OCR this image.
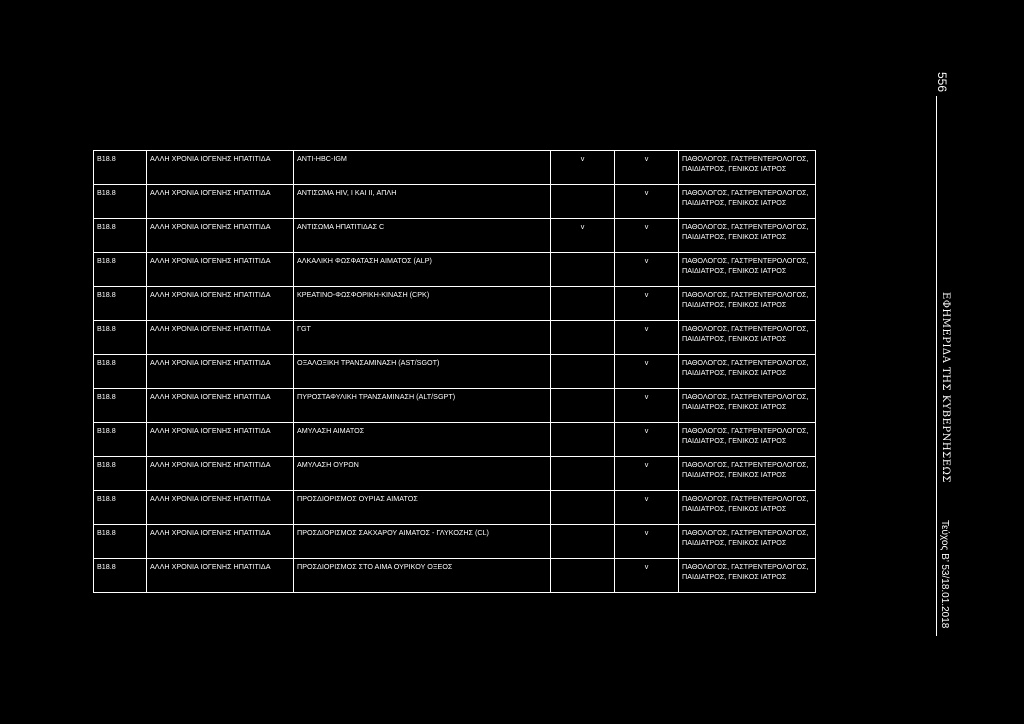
B18.8	ΑΛΛΗ ΧΡΟΝΙΑ ΙΟΓΕΝΗΣ ΗΠΑΤΙΤΙΔΑ	ANTI-HBC-IGM	v	v	ΠΑΘΟΛΟΓΟΣ, ΓΑΣΤΡΕΝΤΕΡΟΛΟΓΟΣ,
ΠΑΙΔΙΑΤΡΟΣ, ΓΕΝΙΚΟΣ ΙΑΤΡΟΣ

B18.8	ΑΛΛΗ ΧΡΟΝΙΑ ΙΟΓΕΝΗΣ ΗΠΑΤΙΤΙΔΑ	ΑΝΤΙΣΩΜΑ HIV, I ΚΑΙ II, ΑΠΛΗ		v	ΠΑΘΟΛΟΓΟΣ, ΓΑΣΤΡΕΝΤΕΡΟΛΟΓΟΣ,
ΠΑΙΔΙΑΤΡΟΣ, ΓΕΝΙΚΟΣ ΙΑΤΡΟΣ

B18.8	ΑΛΛΗ ΧΡΟΝΙΑ ΙΟΓΕΝΗΣ ΗΠΑΤΙΤΙΔΑ	ΑΝΤΙΣΩΜΑ ΗΠΑΤΙΤΙΔΑΣ C	v	v	ΠΑΘΟΛΟΓΟΣ, ΓΑΣΤΡΕΝΤΕΡΟΛΟΓΟΣ,
ΠΑΙΔΙΑΤΡΟΣ, ΓΕΝΙΚΟΣ ΙΑΤΡΟΣ

B18.8	ΑΛΛΗ ΧΡΟΝΙΑ ΙΟΓΕΝΗΣ ΗΠΑΤΙΤΙΔΑ	ΑΛΚΑΛΙΚΗ ΦΩΣΦΑΤΑΣΗ ΑΙΜΑΤΟΣ (ALP)		v	ΠΑΘΟΛΟΓΟΣ, ΓΑΣΤΡΕΝΤΕΡΟΛΟΓΟΣ,
ΠΑΙΔΙΑΤΡΟΣ, ΓΕΝΙΚΟΣ ΙΑΤΡΟΣ

B18.8	ΑΛΛΗ ΧΡΟΝΙΑ ΙΟΓΕΝΗΣ ΗΠΑΤΙΤΙΔΑ	ΚΡΕΑΤΙΝΟ-ΦΩΣΦΟΡΙΚΗ-ΚΙΝΑΣΗ (CPK)		v	ΠΑΘΟΛΟΓΟΣ, ΓΑΣΤΡΕΝΤΕΡΟΛΟΓΟΣ,
ΠΑΙΔΙΑΤΡΟΣ, ΓΕΝΙΚΟΣ ΙΑΤΡΟΣ

B18.8	ΑΛΛΗ ΧΡΟΝΙΑ ΙΟΓΕΝΗΣ ΗΠΑΤΙΤΙΔΑ	ΓGT		v	ΠΑΘΟΛΟΓΟΣ, ΓΑΣΤΡΕΝΤΕΡΟΛΟΓΟΣ,
ΠΑΙΔΙΑΤΡΟΣ, ΓΕΝΙΚΟΣ ΙΑΤΡΟΣ

B18.8	ΑΛΛΗ ΧΡΟΝΙΑ ΙΟΓΕΝΗΣ ΗΠΑΤΙΤΙΔΑ	ΟΞΑΛΟΞΙΚΗ ΤΡΑΝΣΑΜΙΝΑΣΗ (AST/SGOT)		v	ΠΑΘΟΛΟΓΟΣ, ΓΑΣΤΡΕΝΤΕΡΟΛΟΓΟΣ,
ΠΑΙΔΙΑΤΡΟΣ, ΓΕΝΙΚΟΣ ΙΑΤΡΟΣ

B18.8	ΑΛΛΗ ΧΡΟΝΙΑ ΙΟΓΕΝΗΣ ΗΠΑΤΙΤΙΔΑ	ΠΥΡΟΣΤΑΦΥΛΙΚΗ ΤΡΑΝΣΑΜΙΝΑΣΗ (ALT/SGPT)		v	ΠΑΘΟΛΟΓΟΣ, ΓΑΣΤΡΕΝΤΕΡΟΛΟΓΟΣ,
ΠΑΙΔΙΑΤΡΟΣ, ΓΕΝΙΚΟΣ ΙΑΤΡΟΣ

B18.8	ΑΛΛΗ ΧΡΟΝΙΑ ΙΟΓΕΝΗΣ ΗΠΑΤΙΤΙΔΑ	ΑΜΥΛΑΣΗ ΑΙΜΑΤΟΣ		v	ΠΑΘΟΛΟΓΟΣ, ΓΑΣΤΡΕΝΤΕΡΟΛΟΓΟΣ,
ΠΑΙΔΙΑΤΡΟΣ, ΓΕΝΙΚΟΣ ΙΑΤΡΟΣ

B18.8	ΑΛΛΗ ΧΡΟΝΙΑ ΙΟΓΕΝΗΣ ΗΠΑΤΙΤΙΔΑ	ΑΜΥΛΑΣΗ ΟΥΡΩΝ		v	ΠΑΘΟΛΟΓΟΣ, ΓΑΣΤΡΕΝΤΕΡΟΛΟΓΟΣ,
ΠΑΙΔΙΑΤΡΟΣ, ΓΕΝΙΚΟΣ ΙΑΤΡΟΣ

B18.8	ΑΛΛΗ ΧΡΟΝΙΑ ΙΟΓΕΝΗΣ ΗΠΑΤΙΤΙΔΑ	ΠΡΟΣΔΙΟΡΙΣΜΟΣ ΟΥΡΙΑΣ ΑΙΜΑΤΟΣ		v	ΠΑΘΟΛΟΓΟΣ, ΓΑΣΤΡΕΝΤΕΡΟΛΟΓΟΣ,
ΠΑΙΔΙΑΤΡΟΣ, ΓΕΝΙΚΟΣ ΙΑΤΡΟΣ

B18.8	ΑΛΛΗ ΧΡΟΝΙΑ ΙΟΓΕΝΗΣ ΗΠΑΤΙΤΙΔΑ	ΠΡΟΣΔΙΟΡΙΣΜΟΣ ΣΑΚΧΑΡΟΥ ΑΙΜΑΤΟΣ - ΓΛΥΚΟΖΗΣ (CL)		v	ΠΑΘΟΛΟΓΟΣ, ΓΑΣΤΡΕΝΤΕΡΟΛΟΓΟΣ,
ΠΑΙΔΙΑΤΡΟΣ, ΓΕΝΙΚΟΣ ΙΑΤΡΟΣ

B18.8	ΑΛΛΗ ΧΡΟΝΙΑ ΙΟΓΕΝΗΣ ΗΠΑΤΙΤΙΔΑ	ΠΡΟΣΔΙΟΡΙΣΜΟΣ ΣΤΟ ΑΙΜΑ ΟΥΡΙΚΟΥ ΟΞΕΟΣ		v	ΠΑΘΟΛΟΓΟΣ, ΓΑΣΤΡΕΝΤΕΡΟΛΟΓΟΣ,
ΠΑΙΔΙΑΤΡΟΣ, ΓΕΝΙΚΟΣ ΙΑΤΡΟΣ
556
ΕΦΗΜΕΡΙΔΑ ΤΗΣ ΚΥΒΕΡΝΗΣΕΩΣ
Τεύχος Β’ 53/18.01.2018
